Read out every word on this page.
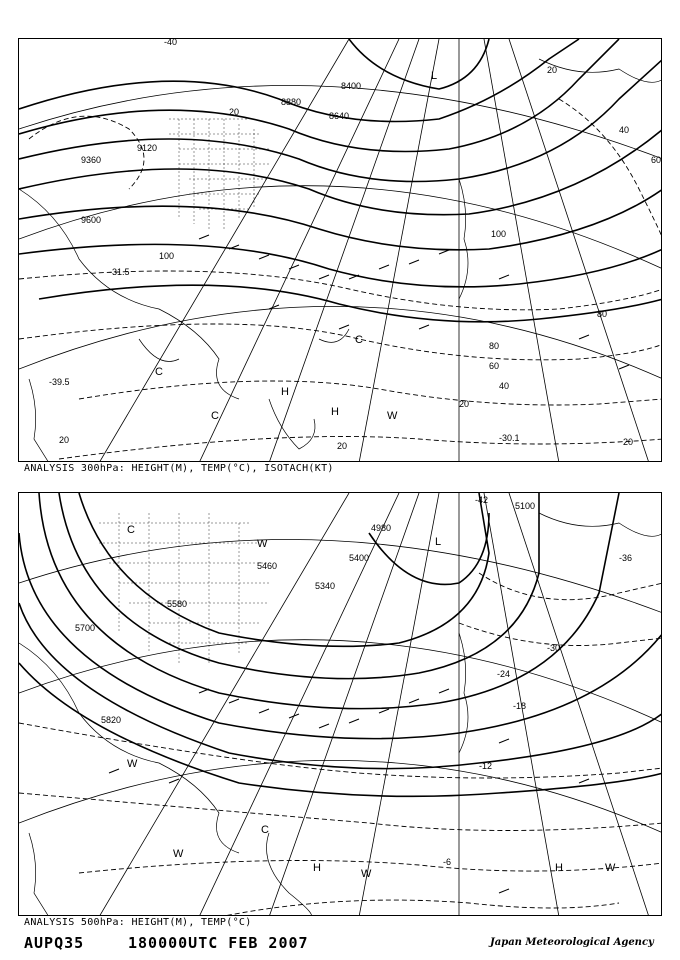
8880
8640
9120
9360
9600
8400
20
40
60
80
100
100
20
40
60
80
20
20	20
20
-40
-31.5
-39.5
-30.1
L
H
H
C
C
C	W
ANALYSIS 300hPa: HEIGHT(M), TEMP(°C), ISOTACH(KT)
5100
4980
5400
5340
5460
5580
5700
5820
-42
-36
-30
-24
-18
-12
-6
L
C
W
W
W
C
H	W	H	W
ANALYSIS 500hPa: HEIGHT(M), TEMP(°C)
AUPQ35	180000UTC FEB 2007	Japan Meteorological Agency
